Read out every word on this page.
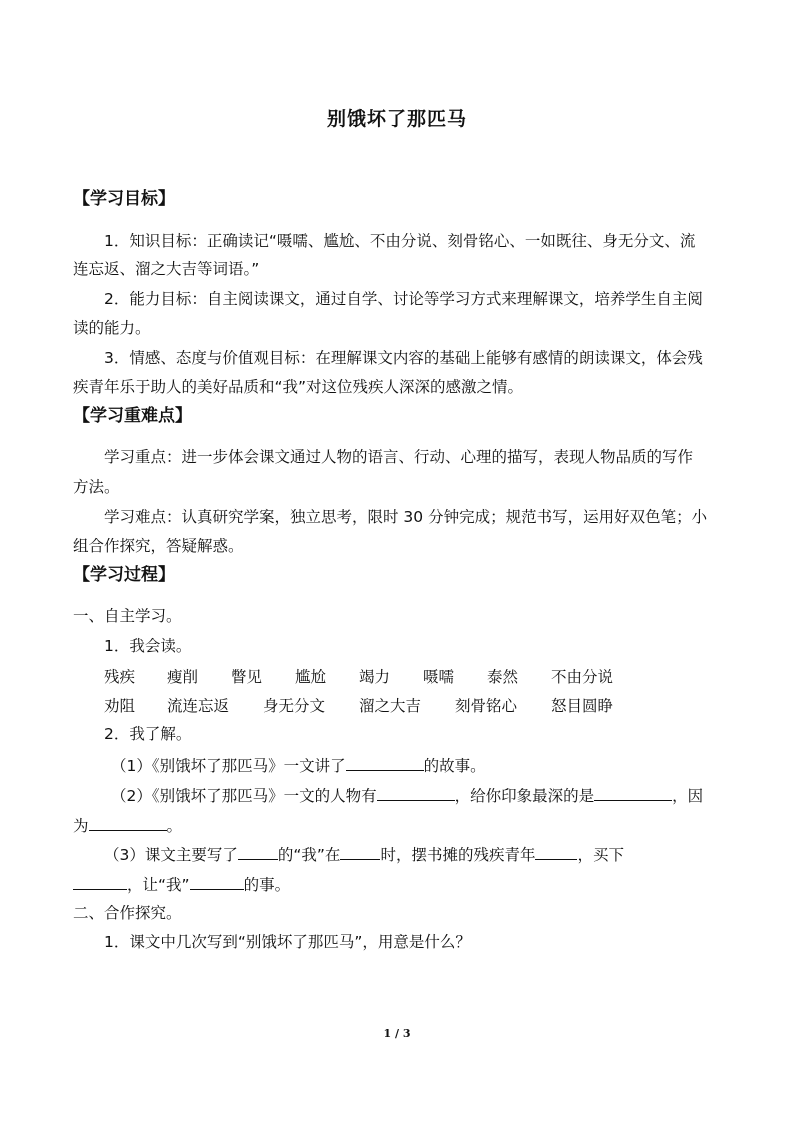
别饿坏了那匹马
【学习目标】
1．知识目标：正确读记“嗫嚅、尴尬、不由分说、刻骨铭心、一如既往、身无分文、流
连忘返、溜之大吉等词语。”
2．能力目标：自主阅读课文，通过自学、讨论等学习方式来理解课文，培养学生自主阅
读的能力。
3．情感、态度与价值观目标：在理解课文内容的基础上能够有感情的朗读课文，体会残
疾青年乐于助人的美好品质和“我”对这位残疾人深深的感激之情。
【学习重难点】
学习重点：进一步体会课文通过人物的语言、行动、心理的描写，表现人物品质的写作
方法。
学习难点：认真研究学案，独立思考，限时 30 分钟完成；规范书写，运用好双色笔；小
组合作探究，答疑解惑。
【学习过程】
一、自主学习。
1．我会读。
残疾 瘦削 瞥见 尴尬 竭力 嗫嚅 泰然 不由分说
劝阻 流连忘返 身无分文 溜之大吉 刻骨铭心 怒目圆睁
2．我了解。
（1）《别饿坏了那匹马》一文讲了	的故事。
（2）《别饿坏了那匹马》一文的人物有	，给你印象最深的是	，因
为	。
（3）课文主要写了	的“我”在	时，摆书摊的残疾青年	，买下
，让“我”	的事。
二、合作探究。
1．课文中几次写到“别饿坏了那匹马”，用意是什么？
1 / 3
